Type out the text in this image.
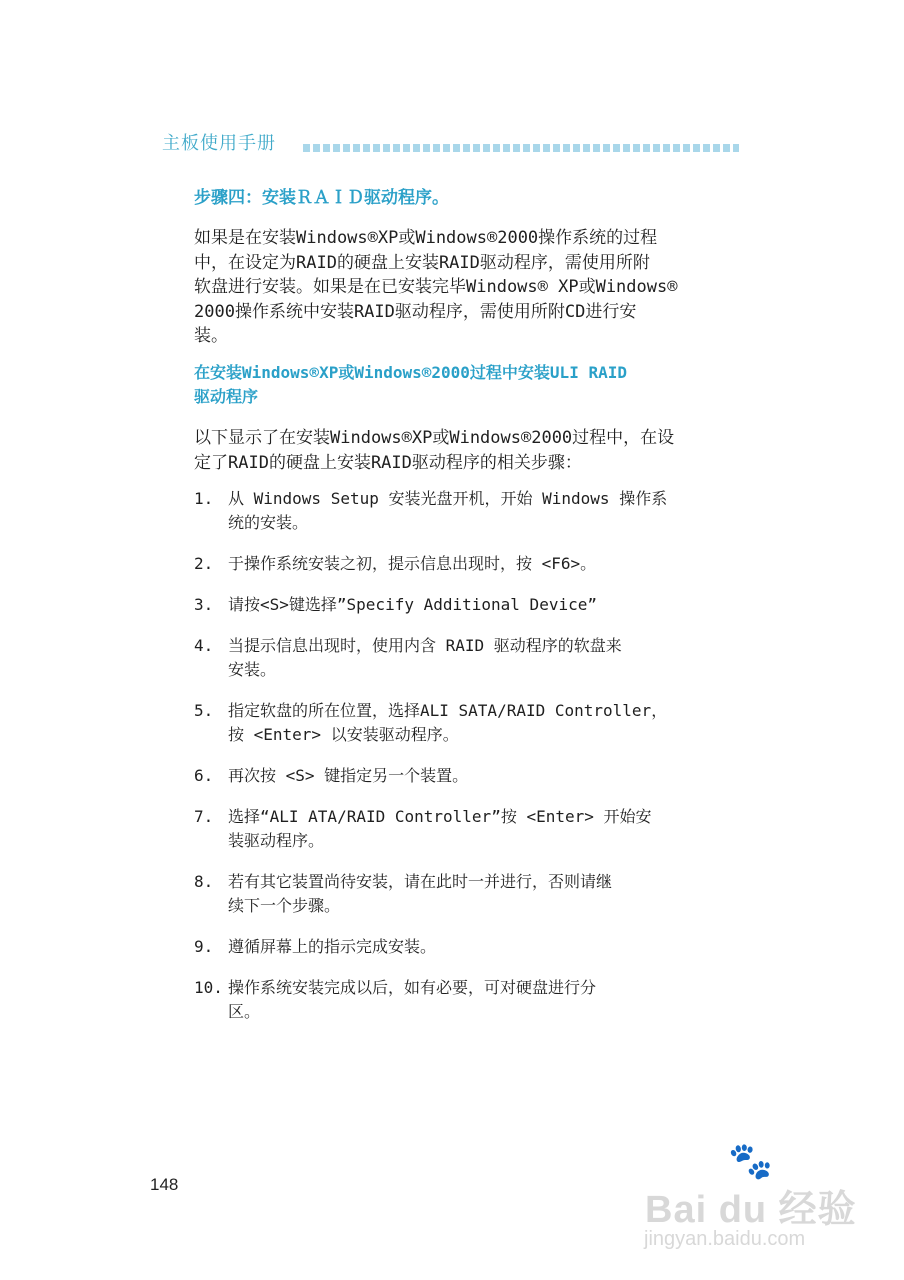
主板使用手册
步骤四：安装ＲＡＩＤ驱动程序。

如果是在安装Windows®XP或Windows®2000操作系统的过程

中，在设定为RAID的硬盘上安装RAID驱动程序，需使用所附

软盘进行安装。如果是在已安装完毕Windows® XP或Windows®

2000操作系统中安装RAID驱动程序，需使用所附CD进行安

装。

在安装Windows®XP或Windows®2000过程中安装ULI RAID
驱动程序

以下显示了在安装Windows®XP或Windows®2000过程中，在设

定了RAID的硬盘上安装RAID驱动程序的相关步骤：

1. 从 Windows Setup 安装光盘开机，开始 Windows 操作系
统的安装。
2. 于操作系统安装之初，提示信息出现时，按 <F6>。
3. 请按<S>键选择”Specify Additional Device”
4. 当提示信息出现时，使用内含 RAID 驱动程序的软盘来
安装。
5. 指定软盘的所在位置，选择ALI SATA/RAID Controller，
按 <Enter> 以安装驱动程序。
6. 再次按 <S> 键指定另一个装置。
7. 选择“ALI ATA/RAID Controller”按 <Enter> 开始安
装驱动程序。
8. 若有其它装置尚待安装，请在此时一并进行，否则请继
续下一个步骤。
9. 遵循屏幕上的指示完成安装。
10. 操作系统安装完成以后，如有必要，可对硬盘进行分
区。
148
🐾
Bai du 经验
jingyan.baidu.com
